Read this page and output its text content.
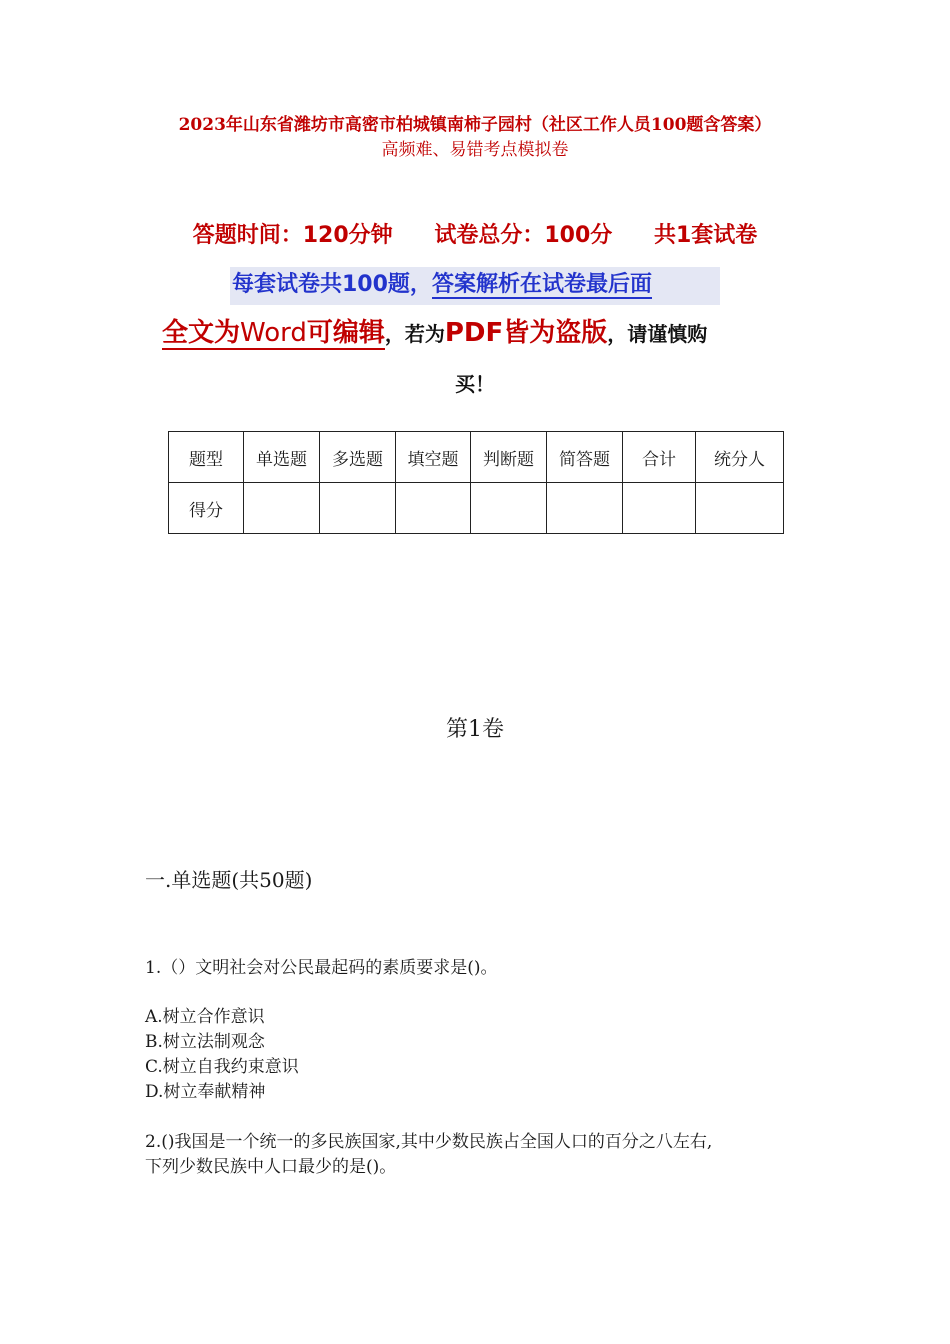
2023年山东省潍坊市高密市柏城镇南柿子园村（社区工作人员100题含答案）
高频难、易错考点模拟卷
答题时间：120分钟 试卷总分：100分 共1套试卷
每套试卷共100题，答案解析在试卷最后面
全文为Word可编辑，若为PDF皆为盗版，请谨慎购
买！
题型	单选题	多选题	填空题	判断题	简答题	合计	统分人
得分							
第1卷
一.单选题(共50题)
1.（）文明社会对公民最起码的素质要求是()。
A.树立合作意识
B.树立法制观念
C.树立自我约束意识
D.树立奉献精神
2.()我国是一个统一的多民族国家,其中少数民族占全国人口的百分之八左右,
下列少数民族中人口最少的是()。
